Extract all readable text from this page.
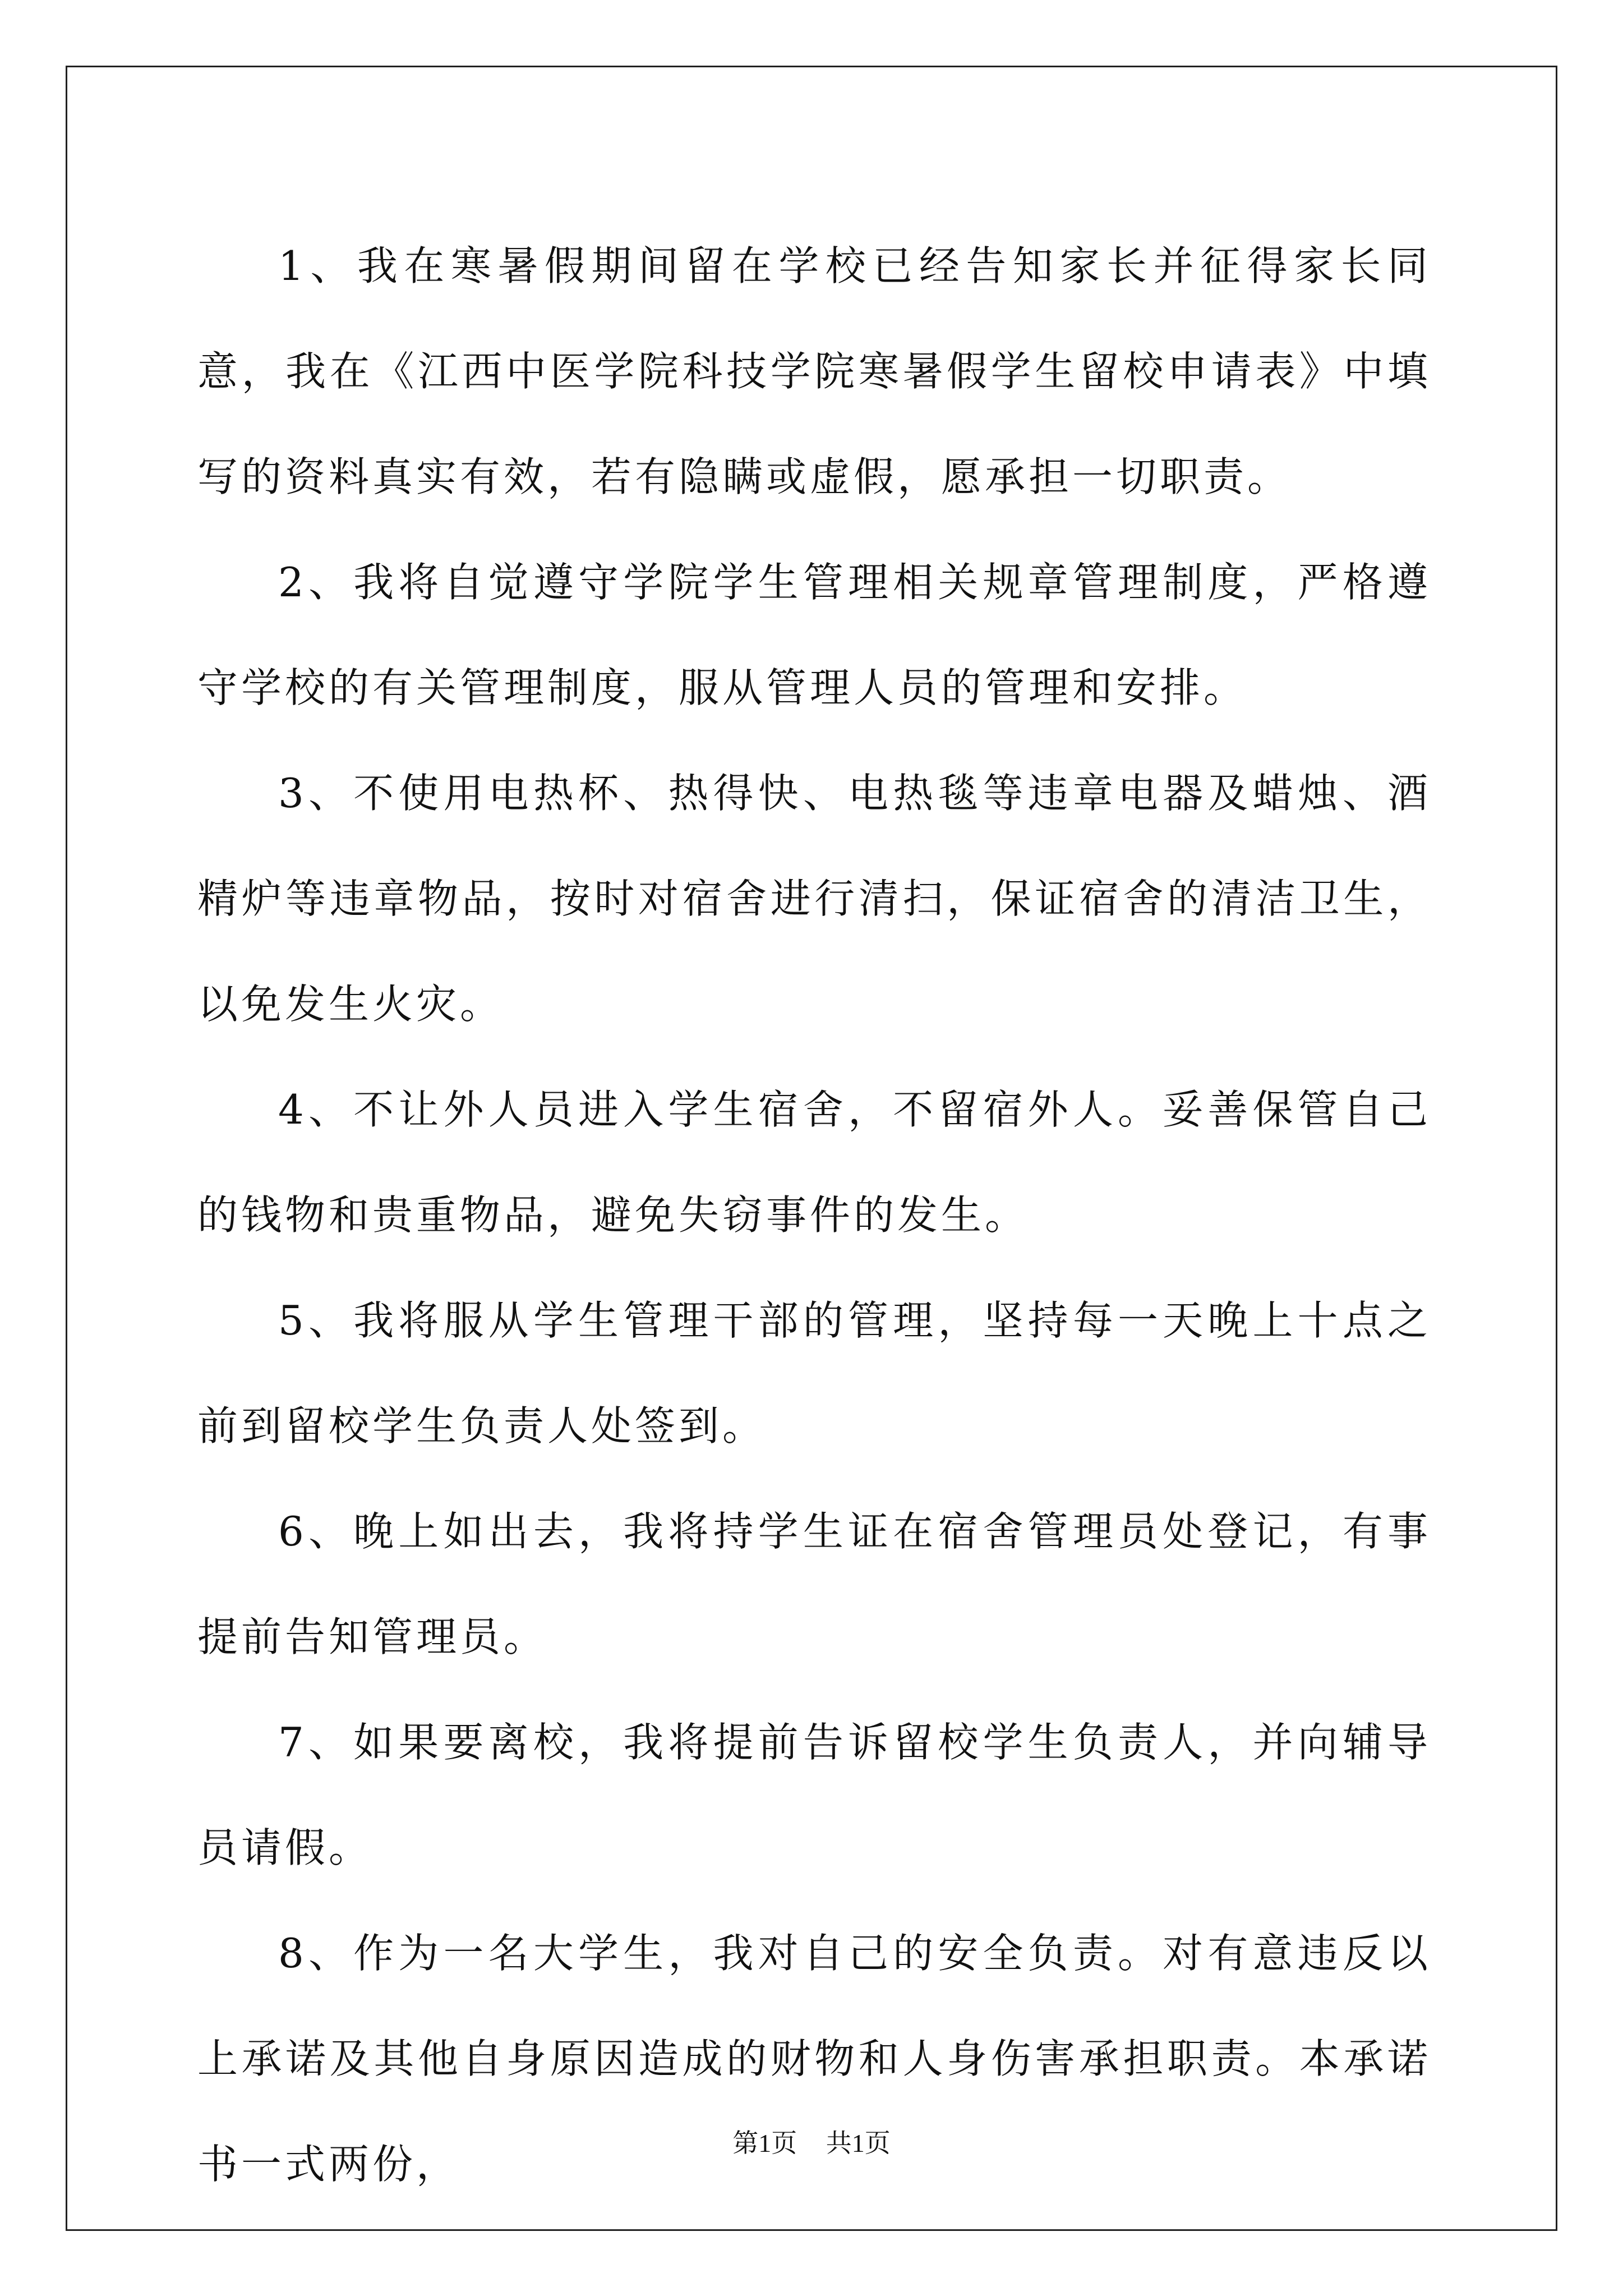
1、我在寒暑假期间留在学校已经告知家长并征得家长同意，我在《江西中医学院科技学院寒暑假学生留校申请表》中填写的资料真实有效，若有隐瞒或虚假，愿承担一切职责。

2、我将自觉遵守学院学生管理相关规章管理制度，严格遵守学校的有关管理制度，服从管理人员的管理和安排。

3、不使用电热杯、热得快、电热毯等违章电器及蜡烛、酒精炉等违章物品，按时对宿舍进行清扫，保证宿舍的清洁卫生，以免发生火灾。

4、不让外人员进入学生宿舍，不留宿外人。妥善保管自己的钱物和贵重物品，避免失窃事件的发生。

5、我将服从学生管理干部的管理，坚持每一天晚上十点之前到留校学生负责人处签到。

6、晚上如出去，我将持学生证在宿舍管理员处登记，有事提前告知管理员。

7、如果要离校，我将提前告诉留校学生负责人，并向辅导员请假。

8、作为一名大学生，我对自己的安全负责。对有意违反以上承诺及其他自身原因造成的财物和人身伤害承担职责。本承诺书一式两份，	第1页 共1页
